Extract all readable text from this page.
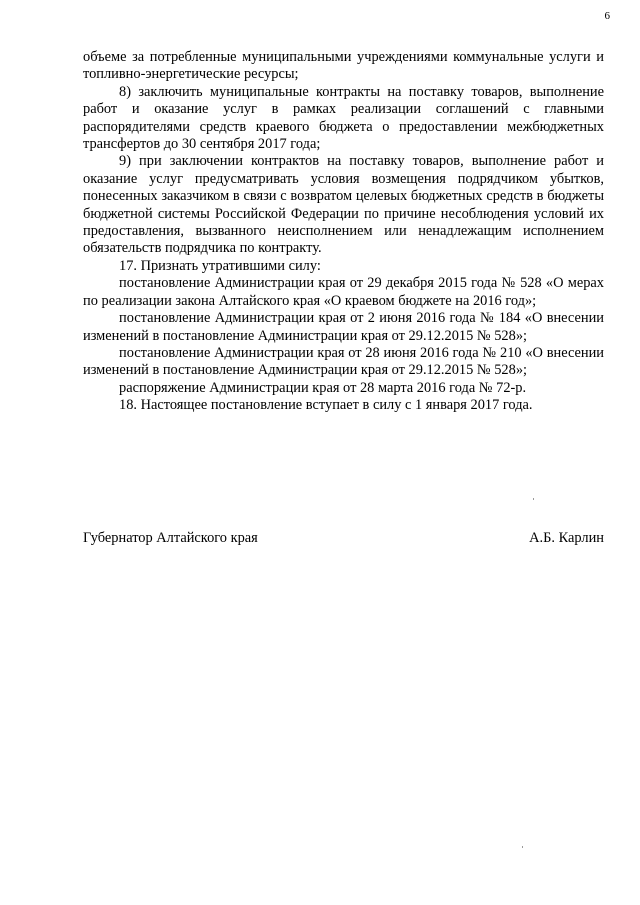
6

объеме за потребленные муниципальными учреждениями коммунальные услуги и топливно-энергетические ресурсы;

8) заключить муниципальные контракты на поставку товаров, выполнение работ и оказание услуг в рамках реализации соглашений с главными распорядителями средств краевого бюджета о предоставлении межбюджетных трансфертов до 30 сентября 2017 года;

9) при заключении контрактов на поставку товаров, выполнение работ и оказание услуг предусматривать условия возмещения подрядчиком убытков, понесенных заказчиком в связи с возвратом целевых бюджетных средств в бюджеты бюджетной системы Российской Федерации по причине несоблюдения условий их предоставления, вызванного неисполнением или ненадлежащим исполнением обязательств подрядчика по контракту.

17. Признать утратившими силу:

постановление Администрации края от 29 декабря 2015 года № 528 «О мерах по реализации закона Алтайского края «О краевом бюджете на 2016 год»;

постановление Администрации края от 2 июня 2016 года № 184 «О внесении изменений в постановление Администрации края от 29.12.2015 № 528»;

постановление Администрации края от 28 июня 2016 года № 210 «О внесении изменений в постановление Администрации края от 29.12.2015 № 528»;

распоряжение Администрации края от 28 марта 2016 года № 72-р.

18. Настоящее постановление вступает в силу с 1 января 2017 года.

Губернатор Алтайского края	А.Б. Карлин
